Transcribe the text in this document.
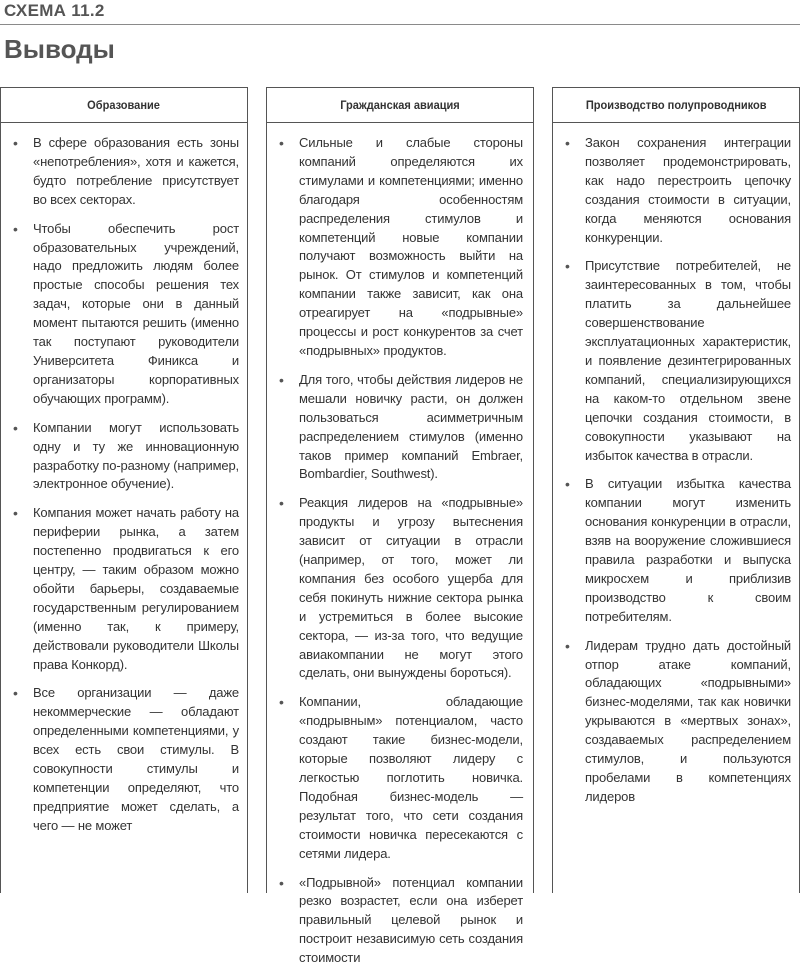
СХЕМА 11.2
Выводы
Образование
• В сфере образования есть зоны «непотребления», хотя и кажется, будто потребление присутствует во всех секторах.
• Чтобы обеспечить рост образовательных учреждений, надо предложить людям более простые способы решения тех задач, которые они в данный момент пытаются решить (именно так поступают руководители Университета Финикса и организаторы корпоративных обучающих программ).
• Компании могут использовать одну и ту же инновационную разработку по-разному (например, электронное обучение).
• Компания может начать работу на периферии рынка, а затем постепенно продвигаться к его центру, — таким образом можно обойти барьеры, создаваемые государственным регулированием (именно так, к примеру, действовали руководители Школы права Конкорд).
• Все организации — даже некоммерческие — обладают определенными компетенциями, у всех есть свои стимулы. В совокупности стимулы и компетенции определяют, что предприятие может сделать, а чего — не может
Гражданская авиация
• Сильные и слабые стороны компаний определяются их стимулами и компетенциями; именно благодаря особенностям распределения стимулов и компетенций новые компании получают возможность выйти на рынок. От стимулов и компетенций компании также зависит, как она отреагирует на «подрывные» процессы и рост конкурентов за счет «подрывных» продуктов.
• Для того, чтобы действия лидеров не мешали новичку расти, он должен пользоваться асимметричным распределением стимулов (именно таков пример компаний Embraer, Bombardier, Southwest).
• Реакция лидеров на «подрывные» продукты и угрозу вытеснения зависит от ситуации в отрасли (например, от того, может ли компания без особого ущерба для себя покинуть нижние сектора рынка и устремиться в более высокие сектора, — из-за того, что ведущие авиакомпании не могут этого сделать, они вынуждены бороться).
• Компании, обладающие «подрывным» потенциалом, часто создают такие бизнес-модели, которые позволяют лидеру с легкостью поглотить новичка. Подобная бизнес-модель — результат того, что сети создания стоимости новичка пересекаются с сетями лидера.
• «Подрывной» потенциал компании резко возрастет, если она изберет правильный целевой рынок и построит независимую сеть создания стоимости
Производство полупроводников
• Закон сохранения интеграции позволяет продемонстрировать, как надо перестроить цепочку создания стоимости в ситуации, когда меняются основания конкуренции.
• Присутствие потребителей, не заинтересованных в том, чтобы платить за дальнейшее совершенствование эксплуатационных характеристик, и появление дезинтегрированных компаний, специализирующихся на каком-то отдельном звене цепочки создания стоимости, в совокупности указывают на избыток качества в отрасли.
• В ситуации избытка качества компании могут изменить основания конкуренции в отрасли, взяв на вооружение сложившиеся правила разработки и выпуска микросхем и приблизив производство к своим потребителям.
• Лидерам трудно дать достойный отпор атаке компаний, обладающих «подрывными» бизнес-моделями, так как новички укрываются в «мертвых зонах», создаваемых распределением стимулов, и пользуются пробелами в компетенциях лидеров
